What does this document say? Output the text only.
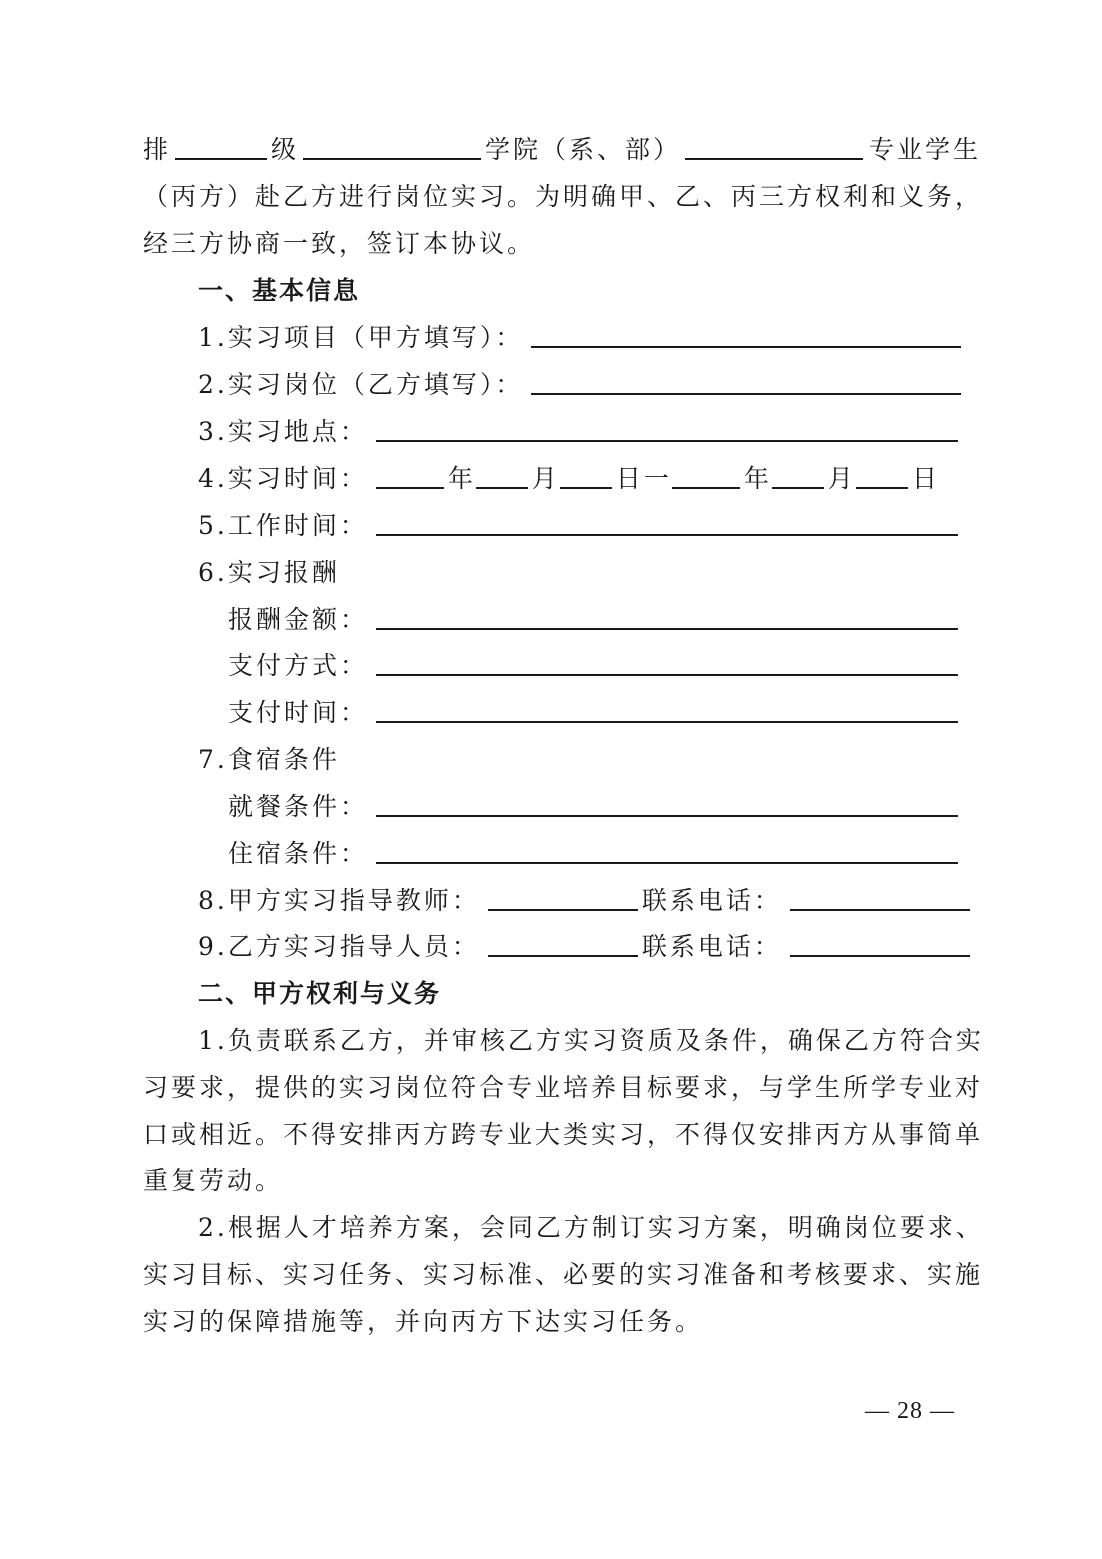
排	级	学院（系、部）	专业学生
（丙方）赴乙方进行岗位实习。为明确甲、乙、丙三方权利和义务，
经三方协商一致，签订本协议。
一、基本信息
1.实习项目（甲方填写）：
2.实习岗位（乙方填写）：
3.实习地点：
4.实习时间：	年 月 日一	年 月 日
5.工作时间：
6.实习报酬
报酬金额：
支付方式：
支付时间：
7.食宿条件
就餐条件：
住宿条件：
8.甲方实习指导教师：	联系电话：
9.乙方实习指导人员：	联系电话：
二、甲方权利与义务
1.负责联系乙方，并审核乙方实习资质及条件，确保乙方符合实
习要求，提供的实习岗位符合专业培养目标要求，与学生所学专业对
口或相近。不得安排丙方跨专业大类实习，不得仅安排丙方从事简单
重复劳动。
2.根据人才培养方案，会同乙方制订实习方案，明确岗位要求、
实习目标、实习任务、实习标准、必要的实习准备和考核要求、实施
实习的保障措施等，并向丙方下达实习任务。
— 28 —
